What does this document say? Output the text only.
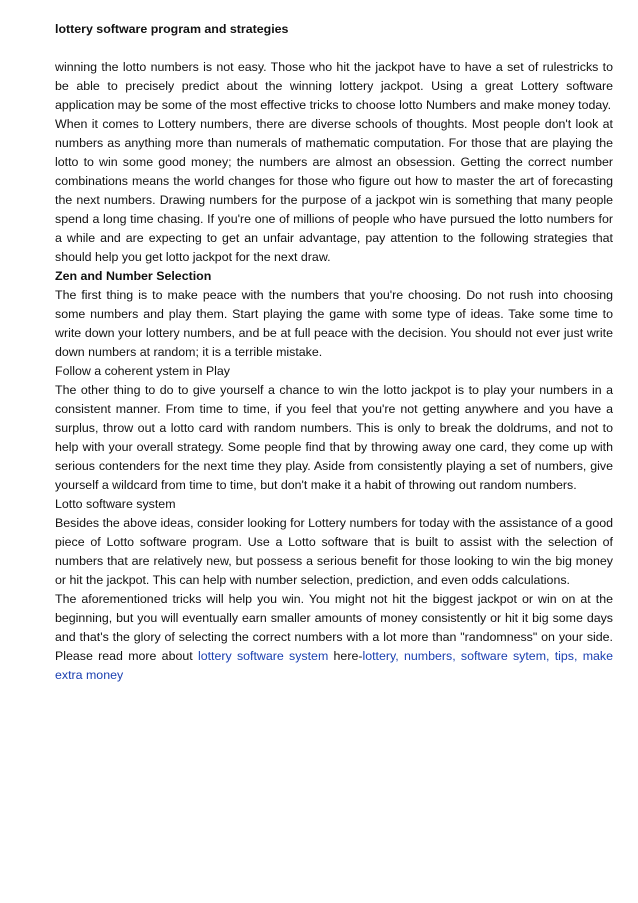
lottery software program and strategies

winning the lotto numbers is not easy. Those who hit the jackpot have to have a set of rulestricks to be able to precisely predict about the winning lottery jackpot. Using a great Lottery software application may be some of the most effective tricks to choose lotto Numbers and make money today.

When it comes to Lottery numbers, there are diverse schools of thoughts. Most people don't look at numbers as anything more than numerals of mathematic computation. For those that are playing the lotto to win some good money; the numbers are almost an obsession. Getting the correct number combinations means the world changes for those who figure out how to master the art of forecasting the next numbers. Drawing numbers for the purpose of a jackpot win is something that many people spend a long time chasing. If you're one of millions of people who have pursued the lotto numbers for a while and are expecting to get an unfair advantage, pay attention to the following strategies that should help you get lotto jackpot for the next draw.

Zen and Number Selection

The first thing is to make peace with the numbers that you're choosing. Do not rush into choosing some numbers and play them. Start playing the game with some type of ideas. Take some time to write down your lottery numbers, and be at full peace with the decision. You should not ever just write down numbers at random; it is a terrible mistake.

Follow a coherent ystem in Play

The other thing to do to give yourself a chance to win the lotto jackpot is to play your numbers in a consistent manner. From time to time, if you feel that you're not getting anywhere and you have a surplus, throw out a lotto card with random numbers. This is only to break the doldrums, and not to help with your overall strategy. Some people find that by throwing away one card, they come up with serious contenders for the next time they play. Aside from consistently playing a set of numbers, give yourself a wildcard from time to time, but don't make it a habit of throwing out random numbers.

Lotto software system

Besides the above ideas, consider looking for Lottery numbers for today with the assistance of a good piece of Lotto software program. Use a Lotto software that is built to assist with the selection of numbers that are relatively new, but possess a serious benefit for those looking to win the big money or hit the jackpot. This can help with number selection, prediction, and even odds calculations.

The aforementioned tricks will help you win. You might not hit the biggest jackpot or win on at the beginning, but you will eventually earn smaller amounts of money consistently or hit it big some days and that's the glory of selecting the correct numbers with a lot more than "randomness" on your side. Please read more about lottery software system here-lottery, numbers, software sytem, tips, make extra money
